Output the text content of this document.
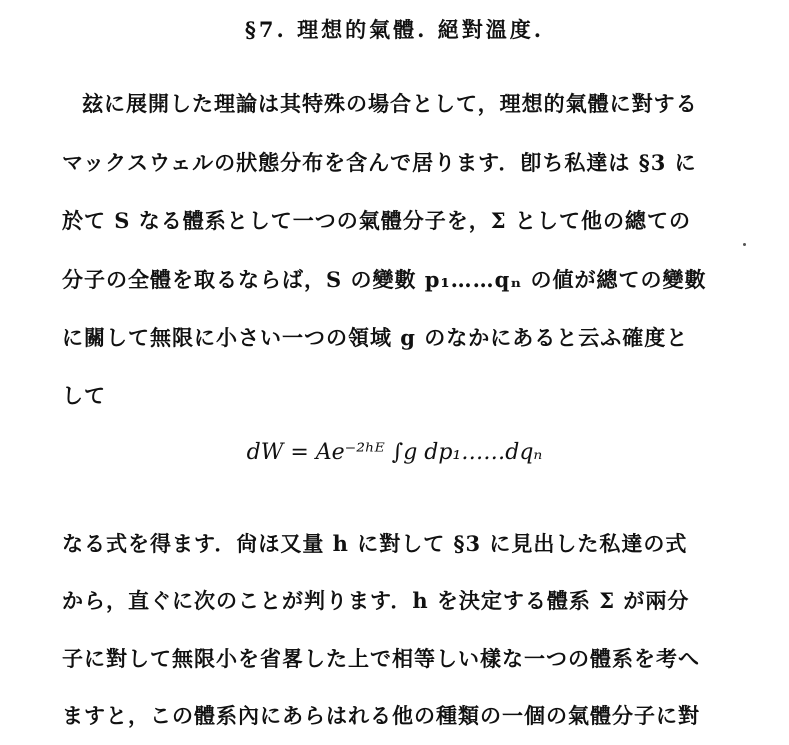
§7. 理想的氣體. 絕對溫度.
玆に展開した理論は其特殊の場合として，理想的氣體に對する
マックスウェルの狀態分布を含んで居ります．卽ち私達は §3 に
於て S なる體系として一つの氣體分子を，Σ として他の總ての
分子の全體を取るならば，S の變數 p₁……qₙ の値が總ての變數
に關して無限に小さい一つの領域 g のなかにあると云ふ確度と
して
dW = Ae⁻²ʰᴱ ∫g dp₁……dqₙ
なる式を得ます．尙ほ又量 h に對して §3 に見出した私達の式
から，直ぐに次のことが判ります．h を決定する體系 Σ が兩分
子に對して無限小を省畧した上で相等しい樣な一つの體系を考へ
ますと，この體系內にあらはれる他の種類の一個の氣體分子に對
